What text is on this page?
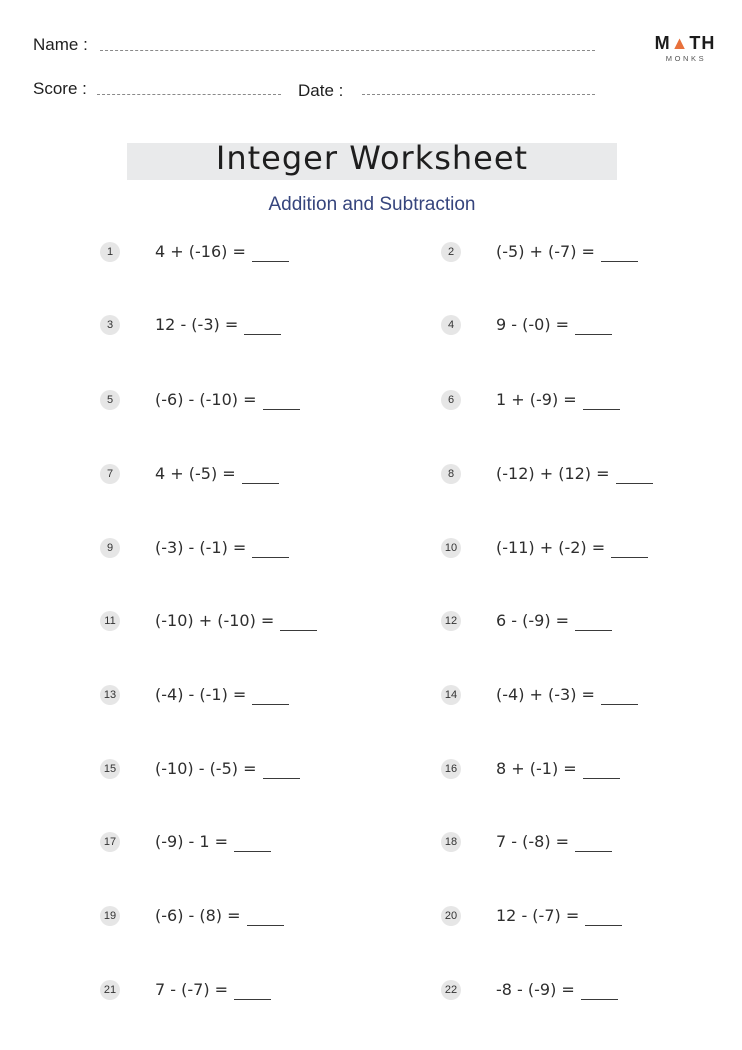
Name :
Score :	Date :
M▲TH
MONKS
Integer Worksheet
Addition and Subtraction
1	4 + (-16) =	2	(-5) + (-7) =
3	12 - (-3) =	4	9 - (-0) =
5	(-6) - (-10) =	6	1 + (-9) =
7	4 + (-5) =	8	(-12) + (12) =
9	(-3) - (-1) =	10 (-11) + (-2) =
11 (-10) + (-10) =	12 6 - (-9) =
13 (-4) - (-1) =	14 (-4) + (-3) =
15 (-10) - (-5) =	16 8 + (-1) =
17 (-9) - 1 =	18 7 - (-8) =
19 (-6) - (8) =	20 12 - (-7) =
21 7 - (-7) =	22 -8 - (-9) =
